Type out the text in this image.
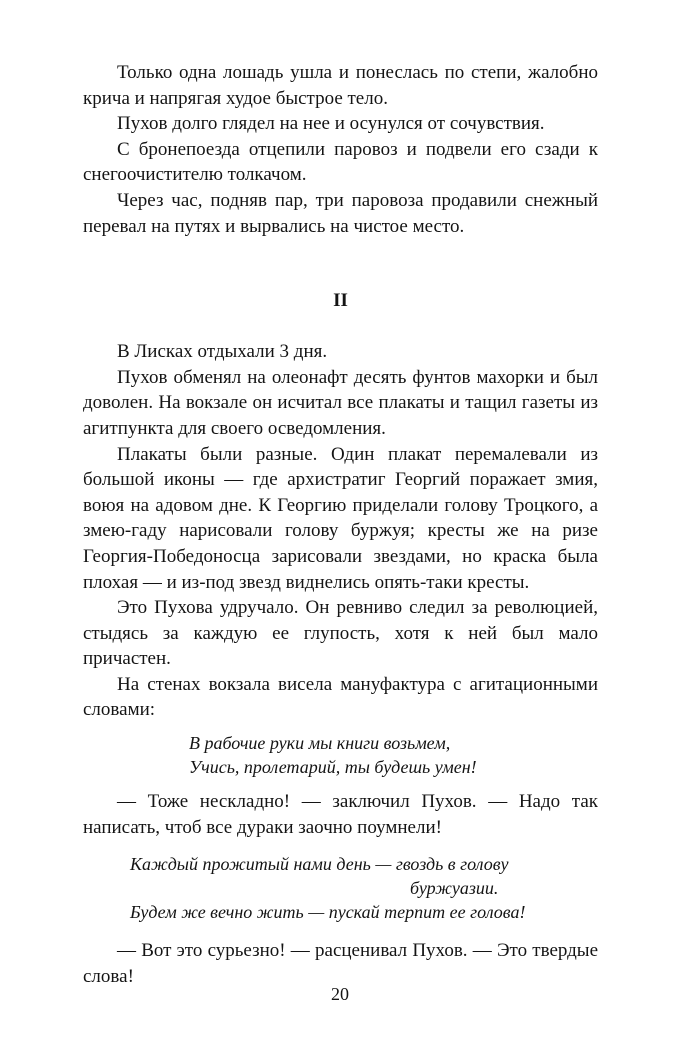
Только одна лошадь ушла и понеслась по степи, жалобно крича и напрягая худое быстрое тело.

Пухов долго глядел на нее и осунулся от сочувствия.

С бронепоезда отцепили паровоз и подвели его сзади к снегоочистителю толкачом.

Через час, подняв пар, три паровоза продавили снежный перевал на путях и вырвались на чистое место.

II

В Лисках отдыхали 3 дня.

Пухов обменял на олеонафт десять фунтов махорки и был доволен. На вокзале он исчитал все плакаты и тащил газеты из агитпункта для своего осведомления.

Плакаты были разные. Один плакат перемалевали из большой иконы — где архистратиг Георгий поражает змия, воюя на адовом дне. К Георгию приделали голову Троцкого, а змею-гаду нарисовали голову буржуя; кресты же на ризе Георгия-Победоносца зарисовали звездами, но краска была плохая — и из-под звезд виднелись опять-таки кресты.

Это Пухова удручало. Он ревниво следил за революцией, стыдясь за каждую ее глупость, хотя к ней был мало причастен.

На стенах вокзала висела мануфактура с агитационными словами:

В рабочие руки мы книги возьмем,
Учись, пролетарий, ты будешь умен!

— Тоже нескладно! — заключил Пухов. — Надо так написать, чтоб все дураки заочно поумнели!

Каждый прожитый нами день — гвоздь в голову
буржуазии.
Будем же вечно жить — пускай терпит ее голова!

— Вот это сурьезно! — расценивал Пухов. — Это твердые слова!

20
